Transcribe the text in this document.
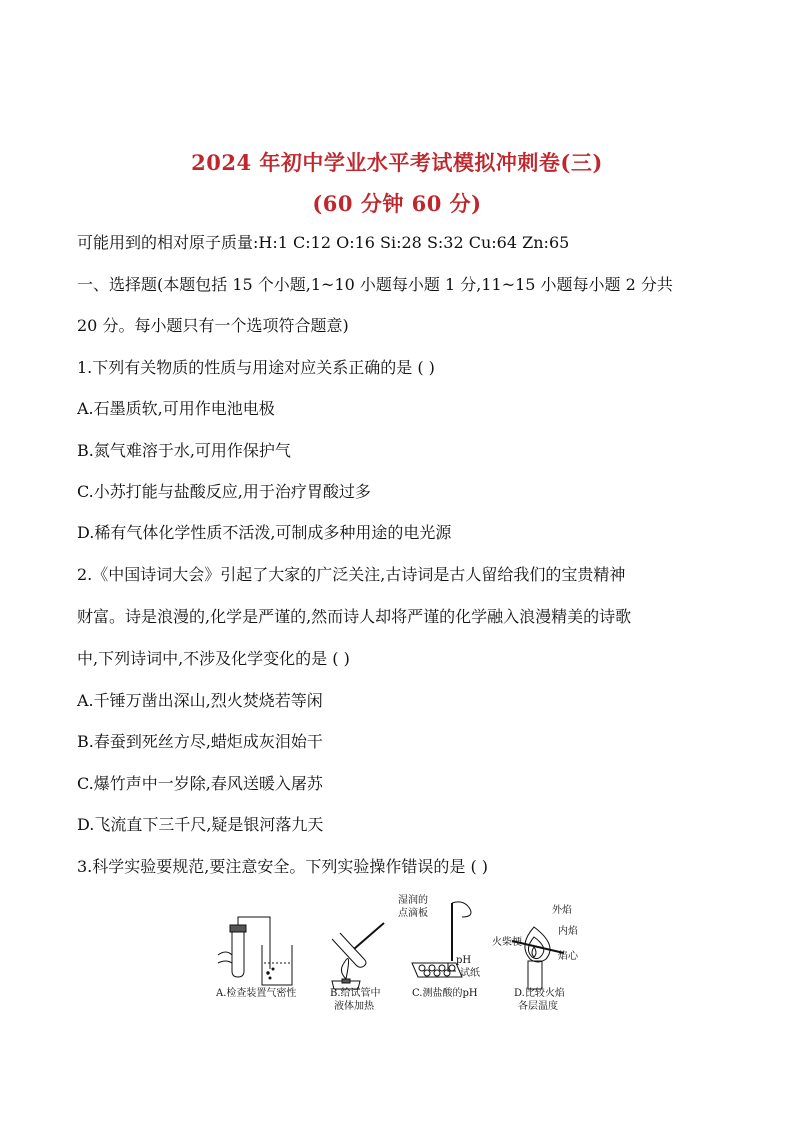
2024 年初中学业水平考试模拟冲刺卷(三)
(60 分钟 60 分)
可能用到的相对原子质量:H:1 C:12 O:16 Si:28 S:32 Cu:64 Zn:65
一、选择题(本题包括 15 个小题,1~10 小题每小题 1 分,11~15 小题每小题 2 分共
20 分。每小题只有一个选项符合题意)
1.下列有关物质的性质与用途对应关系正确的是 ( )
A.石墨质软,可用作电池电极
B.氮气难溶于水,可用作保护气
C.小苏打能与盐酸反应,用于治疗胃酸过多
D.稀有气体化学性质不活泼,可制成多种用途的电光源
2.《中国诗词大会》引起了大家的广泛关注,古诗词是古人留给我们的宝贵精神
财富。诗是浪漫的,化学是严谨的,然而诗人却将严谨的化学融入浪漫精美的诗歌
中,下列诗词中,不涉及化学变化的是 ( )
A.千锤万凿出深山,烈火焚烧若等闲
B.春蚕到死丝方尽,蜡炬成灰泪始干
C.爆竹声中一岁除,春风送暖入屠苏
D.飞流直下三千尺,疑是银河落九天
3.科学实验要规范,要注意安全。下列实验操作错误的是 ( )
A.检查装置气密性	B.给试管中
液体加热
湿润的
点滴板
pH
试纸
C.测盐酸的pH
外焰
内焰
焰心
火柴梗
D.比较火焰
各层温度
